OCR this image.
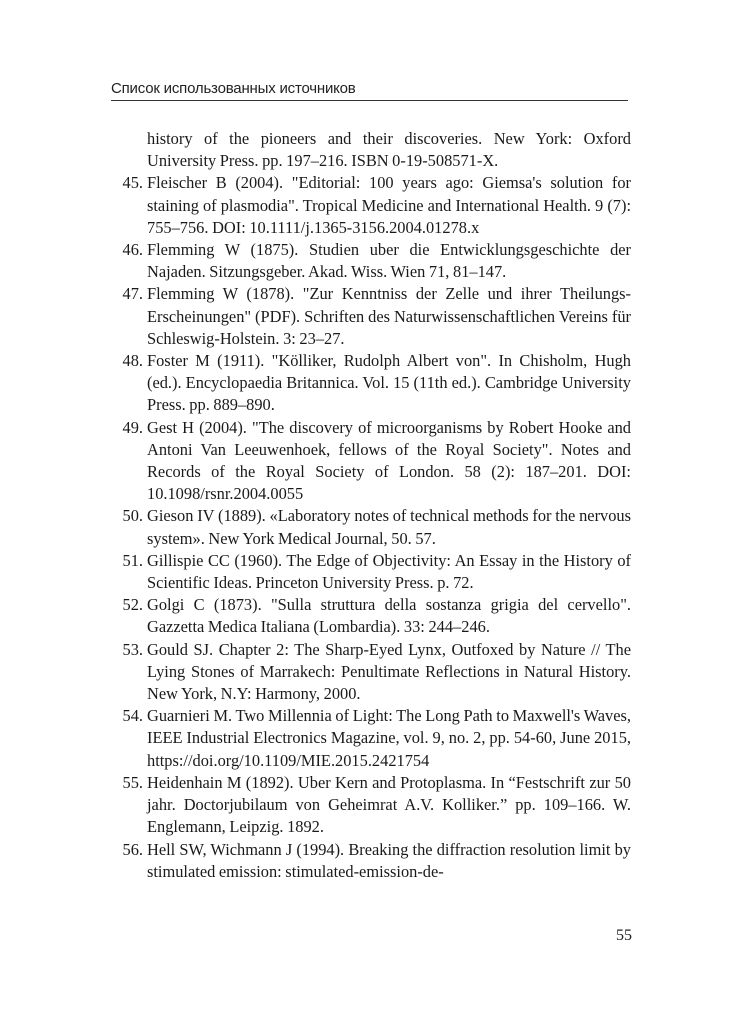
Список использованных источников
history of the pioneers and their discoveries. New York: Oxford University Press. pp. 197–216. ISBN 0-19-508571-X.
45. Fleischer B (2004). "Editorial: 100 years ago: Giemsa's solution for staining of plasmodia". Tropical Medicine and International Health. 9 (7): 755–756. DOI: 10.1111/j.1365-3156.2004.01278.x
46. Flemming W (1875). Studien uber die Entwicklungsgeschichte der Najaden. Sitzungsgeber. Akad. Wiss. Wien 71, 81–147.
47. Flemming W (1878). "Zur Kenntniss der Zelle und ihrer Theilungs-Erscheinungen" (PDF). Schriften des Naturwissenschaftlichen Vereins für Schleswig-Holstein. 3: 23–27.
48. Foster M (1911). "Kölliker, Rudolph Albert von". In Chisholm, Hugh (ed.). Encyclopaedia Britannica. Vol. 15 (11th ed.). Cambridge University Press. pp. 889–890.
49. Gest H (2004). "The discovery of microorganisms by Robert Hooke and Antoni Van Leeuwenhoek, fellows of the Royal Society". Notes and Records of the Royal Society of London. 58 (2): 187–201. DOI: 10.1098/rsnr.2004.0055
50. Gieson IV (1889). «Laboratory notes of technical methods for the nervous system». New York Medical Journal, 50. 57.
51. Gillispie CC (1960). The Edge of Objectivity: An Essay in the History of Scientific Ideas. Princeton University Press. p. 72.
52. Golgi C (1873). "Sulla struttura della sostanza grigia del cervello". Gazzetta Medica Italiana (Lombardia). 33: 244–246.
53. Gould SJ. Chapter 2: The Sharp-Eyed Lynx, Outfoxed by Nature // The Lying Stones of Marrakech: Penultimate Reflections in Natural History. New York, N.Y: Harmony, 2000.
54. Guarnieri M. Two Millennia of Light: The Long Path to Maxwell's Waves, IEEE Industrial Electronics Magazine, vol. 9, no. 2, pp. 54-60, June 2015, https://doi.org/10.1109/MIE.2015.2421754
55. Heidenhain M (1892). Uber Kern and Protoplasma. In “Festschrift zur 50 jahr. Doctorjubilaum von Geheimrat A.V. Kolliker.” pp. 109–166. W. Englemann, Leipzig. 1892.
56. Hell SW, Wichmann J (1994). Breaking the diffraction resolution limit by stimulated emission: stimulated-emission-de-
55
